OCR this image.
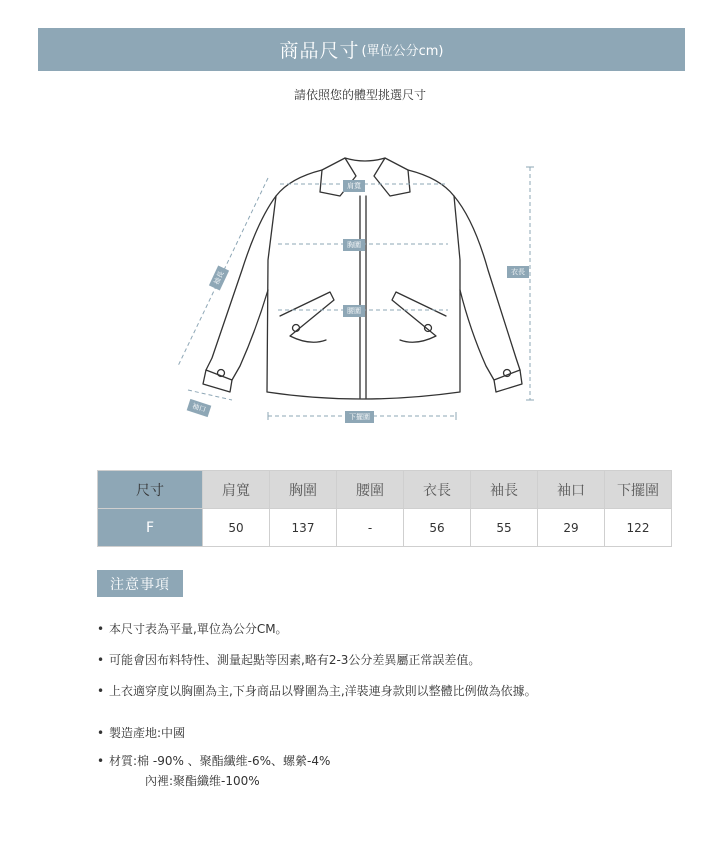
商品尺寸 (單位公分cm)
請依照您的體型挑選尺寸
肩寬
胸圍
腰圍
下擺圍
衣長
袖長
袖口
尺寸	肩寬	胸圍	腰圍	衣長	袖長	袖口	下擺圍
F	50	137	-	56	55	29	122
注意事項
• 本尺寸表為平量,單位為公分CM。
• 可能會因布料特性、測量起點等因素,略有2-3公分差異屬正常誤差值。
• 上衣適穿度以胸圍為主,下身商品以臀圍為主,洋裝連身款則以整體比例做為依據。
• 製造產地:中國
• 材質:棉 -90% 、聚酯纖维-6%、螺縈-4%
內裡:聚酯纖维-100%
